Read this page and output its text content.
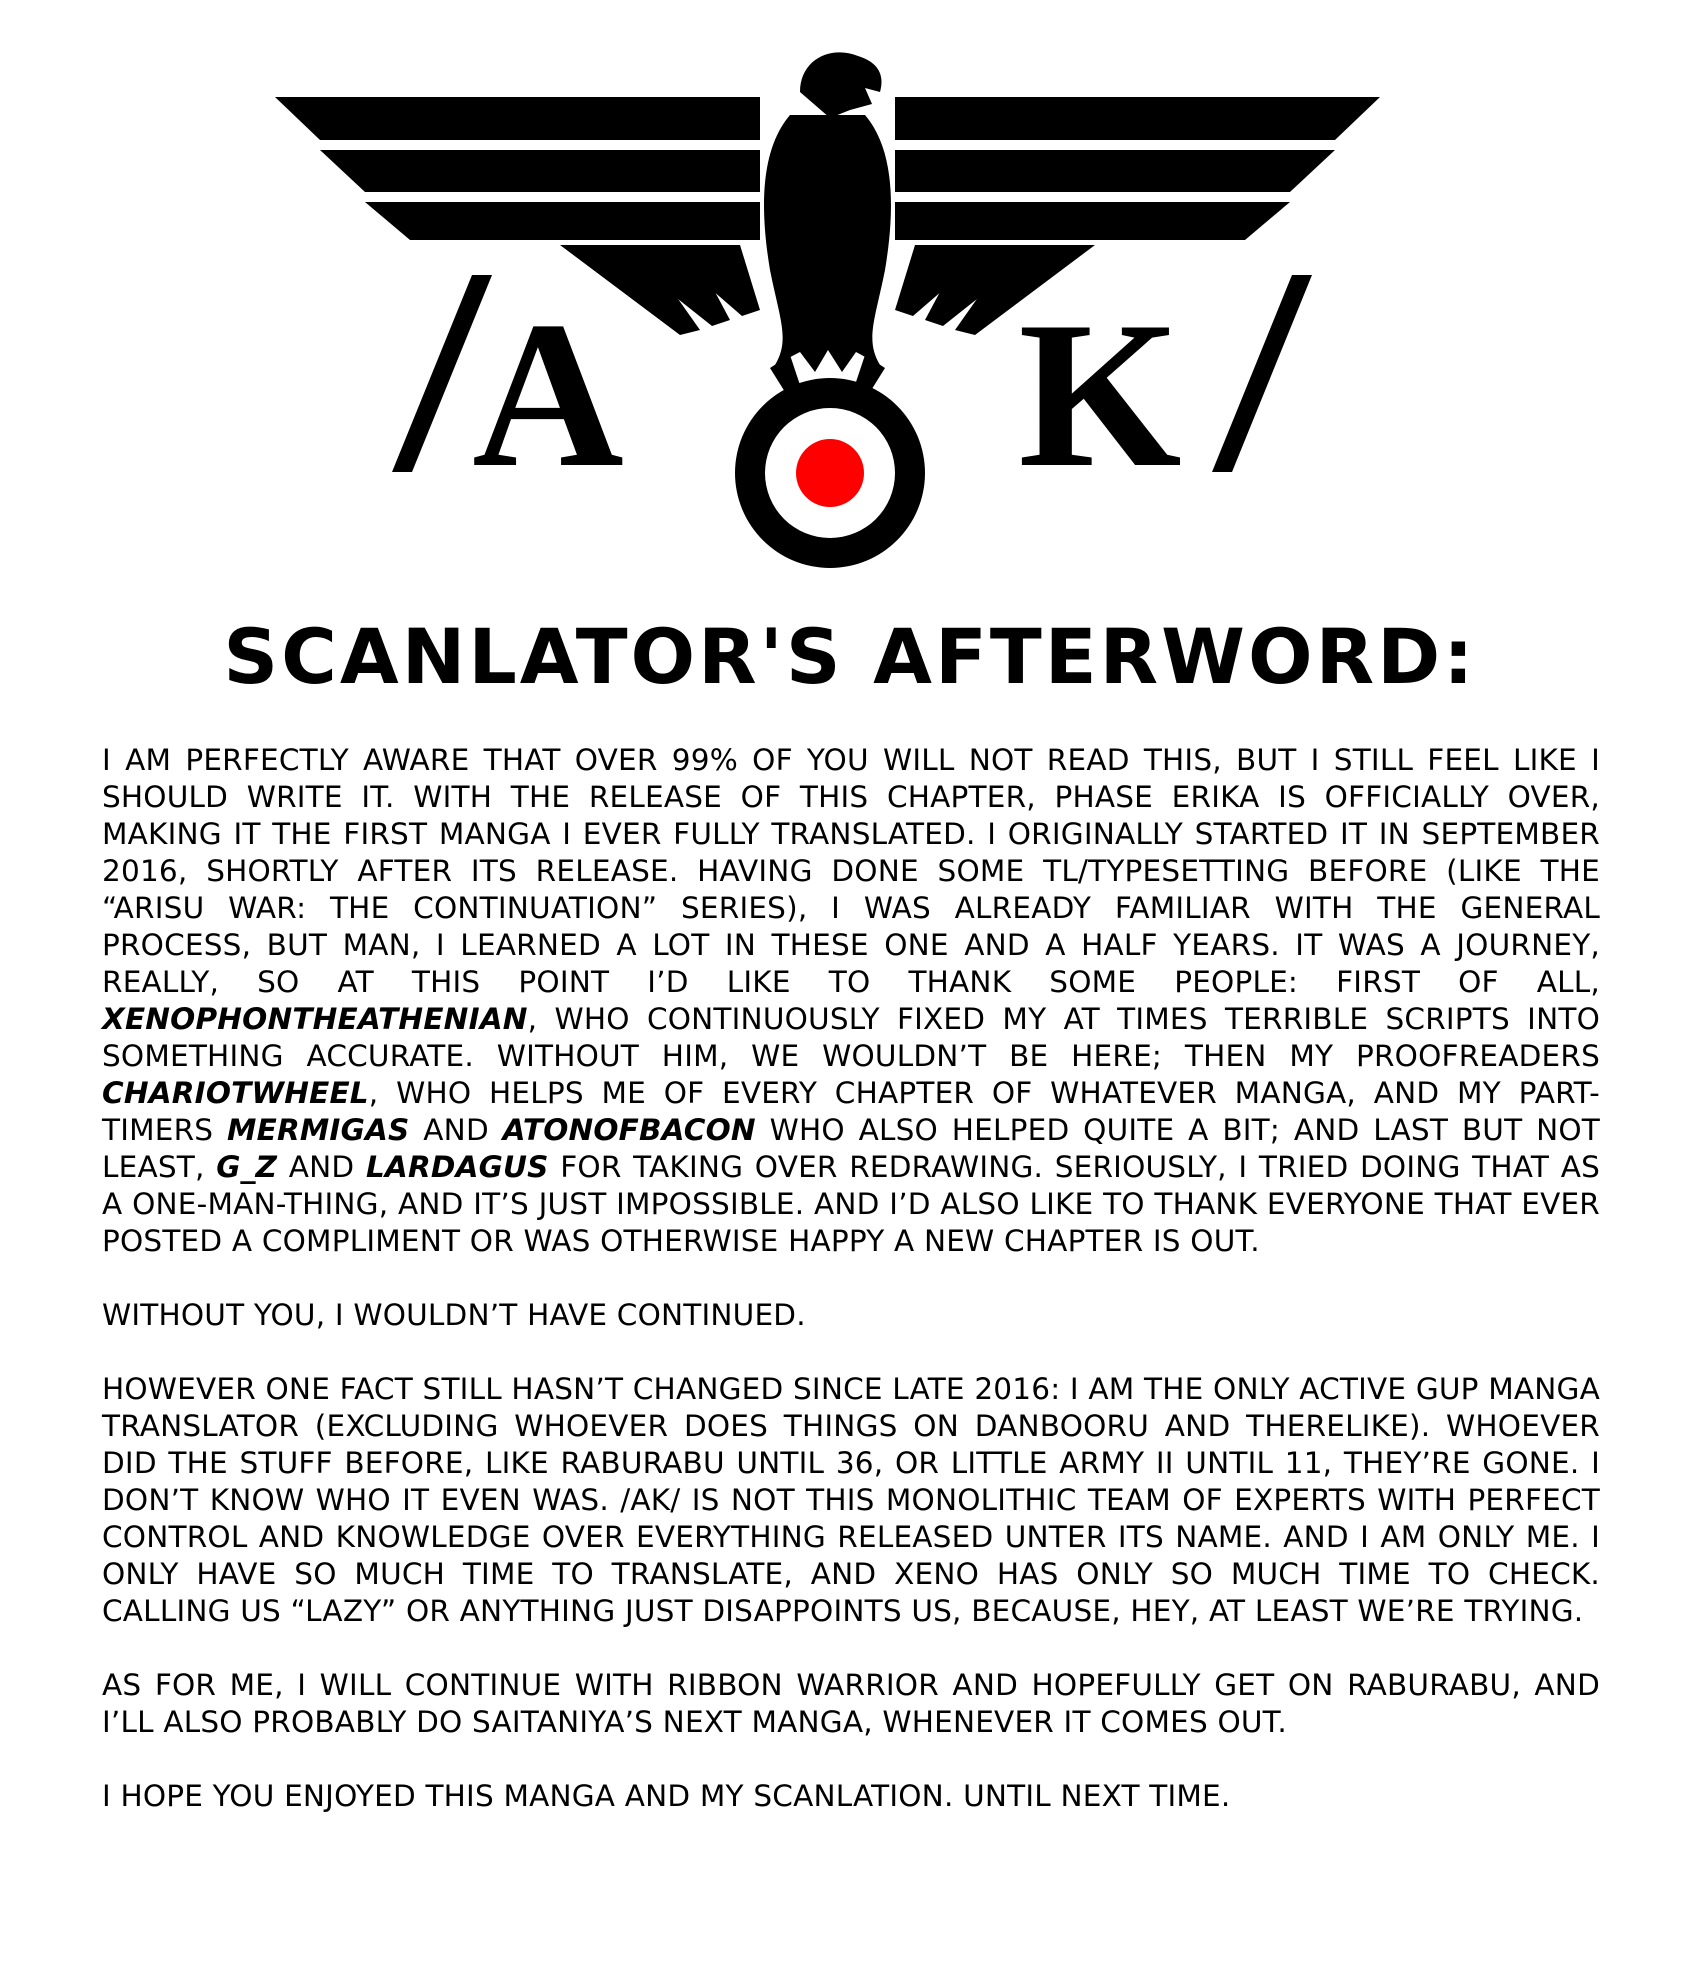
A K
SCANLATOR'S AFTERWORD:

I AM PERFECTLY AWARE THAT OVER 99% OF YOU WILL NOT READ THIS, BUT I STILL FEEL LIKE I SHOULD WRITE IT. WITH THE RELEASE OF THIS CHAPTER, PHASE ERIKA IS OFFICIALLY OVER, MAKING IT THE FIRST MANGA I EVER FULLY TRANSLATED. I ORIGINALLY STARTED IT IN SEPTEMBER 2016, SHORTLY AFTER ITS RELEASE. HAVING DONE SOME TL/TYPESETTING BEFORE (LIKE THE “ARISU WAR: THE CONTINUATION” SERIES), I WAS ALREADY FAMILIAR WITH THE GENERAL PROCESS, BUT MAN, I LEARNED A LOT IN THESE ONE AND A HALF YEARS. IT WAS A JOURNEY, REALLY, SO AT THIS POINT I’D LIKE TO THANK SOME PEOPLE: FIRST OF ALL, XENOPHONTHEATHENIAN, WHO CONTINUOUSLY FIXED MY AT TIMES TERRIBLE SCRIPTS INTO SOMETHING ACCURATE. WITHOUT HIM, WE WOULDN’T BE HERE; THEN MY PROOFREADERS CHARIOTWHEEL, WHO HELPS ME OF EVERY CHAPTER OF WHATEVER MANGA, AND MY PART-TIMERS MERMIGAS AND ATONOFBACON WHO ALSO HELPED QUITE A BIT; AND LAST BUT NOT LEAST, G_Z AND LARDAGUS FOR TAKING OVER REDRAWING. SERIOUSLY, I TRIED DOING THAT AS A ONE-MAN-THING, AND IT’S JUST IMPOSSIBLE. AND I’D ALSO LIKE TO THANK EVERYONE THAT EVER POSTED A COMPLIMENT OR WAS OTHERWISE HAPPY A NEW CHAPTER IS OUT.

WITHOUT YOU, I WOULDN’T HAVE CONTINUED.

HOWEVER ONE FACT STILL HASN’T CHANGED SINCE LATE 2016: I AM THE ONLY ACTIVE GUP MANGA TRANSLATOR (EXCLUDING WHOEVER DOES THINGS ON DANBOORU AND THERELIKE). WHOEVER DID THE STUFF BEFORE, LIKE RABURABU UNTIL 36, OR LITTLE ARMY II UNTIL 11, THEY’RE GONE. I DON’T KNOW WHO IT EVEN WAS. /AK/ IS NOT THIS MONOLITHIC TEAM OF EXPERTS WITH PERFECT CONTROL AND KNOWLEDGE OVER EVERYTHING RELEASED UNTER ITS NAME. AND I AM ONLY ME. I ONLY HAVE SO MUCH TIME TO TRANSLATE, AND XENO HAS ONLY SO MUCH TIME TO CHECK. CALLING US “LAZY” OR ANYTHING JUST DISAPPOINTS US, BECAUSE, HEY, AT LEAST WE’RE TRYING.

AS FOR ME, I WILL CONTINUE WITH RIBBON WARRIOR AND HOPEFULLY GET ON RABURABU, AND I’LL ALSO PROBABLY DO SAITANIYA’S NEXT MANGA, WHENEVER IT COMES OUT.

I HOPE YOU ENJOYED THIS MANGA AND MY SCANLATION. UNTIL NEXT TIME.
